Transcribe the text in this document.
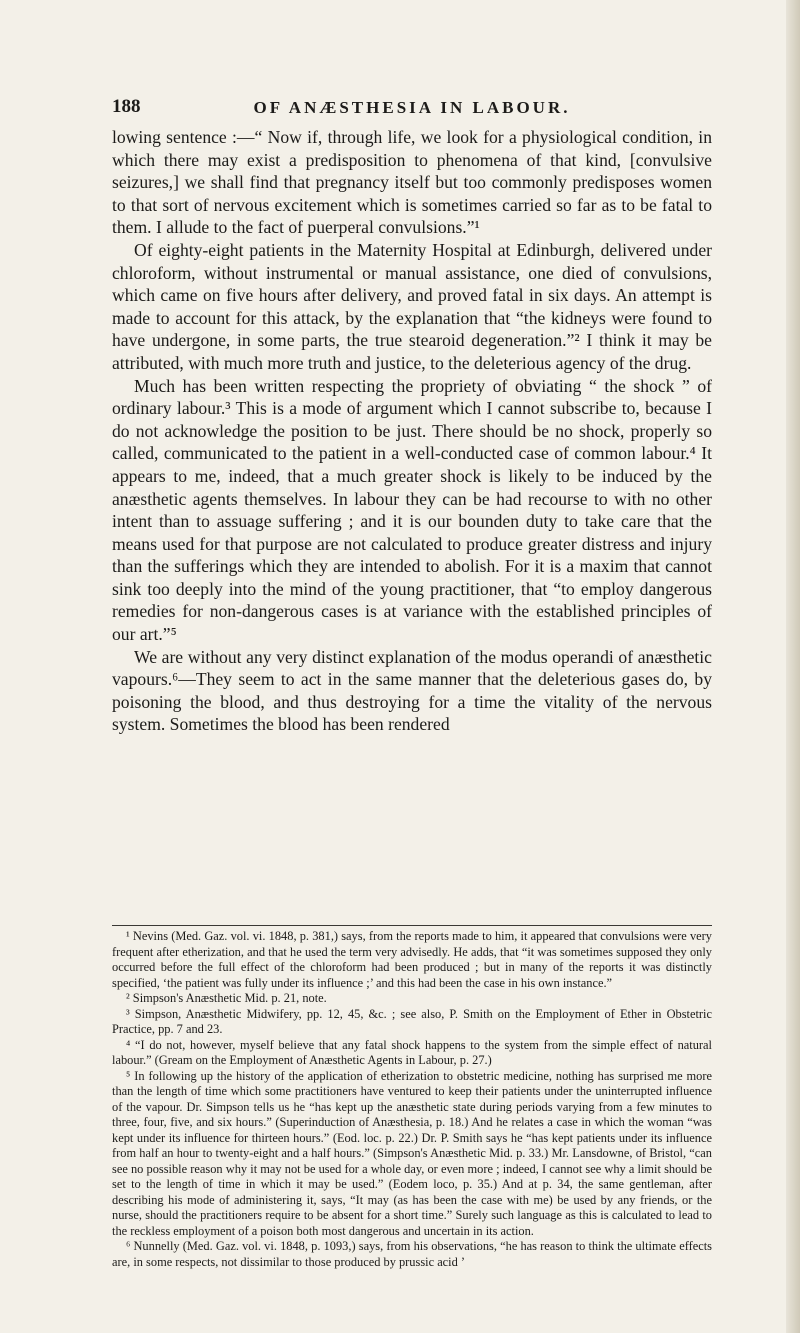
188	OF ANÆSTHESIA IN LABOUR.

lowing sentence :—“ Now if, through life, we look for a physiological condition, in which there may exist a predisposition to phenomena of that kind, [convulsive seizures,] we shall find that pregnancy itself but too commonly predisposes women to that sort of nervous excitement which is sometimes carried so far as to be fatal to them. I allude to the fact of puerperal convulsions.”¹

Of eighty-eight patients in the Maternity Hospital at Edinburgh, delivered under chloroform, without instrumental or manual assistance, one died of convulsions, which came on five hours after delivery, and proved fatal in six days. An attempt is made to account for this attack, by the explanation that “the kidneys were found to have undergone, in some parts, the true stearoid degeneration.”² I think it may be attributed, with much more truth and justice, to the deleterious agency of the drug.

Much has been written respecting the propriety of obviating “ the shock ” of ordinary labour.³ This is a mode of argument which I cannot subscribe to, because I do not acknowledge the position to be just. There should be no shock, properly so called, communicated to the patient in a well-conducted case of common labour.⁴ It appears to me, indeed, that a much greater shock is likely to be induced by the anæsthetic agents themselves. In labour they can be had recourse to with no other intent than to assuage suffering ; and it is our bounden duty to take care that the means used for that purpose are not calculated to produce greater distress and injury than the sufferings which they are intended to abolish. For it is a maxim that cannot sink too deeply into the mind of the young practitioner, that “to employ dangerous remedies for non-dangerous cases is at variance with the established principles of our art.”⁵

We are without any very distinct explanation of the modus operandi of anæsthetic vapours.⁶—They seem to act in the same manner that the deleterious gases do, by poisoning the blood, and thus destroying for a time the vitality of the nervous system. Sometimes the blood has been rendered

¹ Nevins (Med. Gaz. vol. vi. 1848, p. 381,) says, from the reports made to him, it appeared that convulsions were very frequent after etherization, and that he used the term very advisedly. He adds, that “it was sometimes supposed they only occurred before the full effect of the chloroform had been produced ; but in many of the reports it was distinctly specified, ‘the patient was fully under its influence ;’ and this had been the case in his own instance.”

² Simpson's Anæsthetic Mid. p. 21, note.

³ Simpson, Anæsthetic Midwifery, pp. 12, 45, &c. ; see also, P. Smith on the Employment of Ether in Obstetric Practice, pp. 7 and 23.

⁴ “I do not, however, myself believe that any fatal shock happens to the system from the simple effect of natural labour.” (Gream on the Employment of Anæsthetic Agents in Labour, p. 27.)

⁵ In following up the history of the application of etherization to obstetric medicine, nothing has surprised me more than the length of time which some practitioners have ventured to keep their patients under the uninterrupted influence of the vapour. Dr. Simpson tells us he “has kept up the anæsthetic state during periods varying from a few minutes to three, four, five, and six hours.” (Superinduction of Anæsthesia, p. 18.) And he relates a case in which the woman “was kept under its influence for thirteen hours.” (Eod. loc. p. 22.) Dr. P. Smith says he “has kept patients under its influence from half an hour to twenty-eight and a half hours.” (Simpson's Anæsthetic Mid. p. 33.) Mr. Lansdowne, of Bristol, “can see no possible reason why it may not be used for a whole day, or even more ; indeed, I cannot see why a limit should be set to the length of time in which it may be used.” (Eodem loco, p. 35.) And at p. 34, the same gentleman, after describing his mode of administering it, says, “It may (as has been the case with me) be used by any friends, or the nurse, should the practitioners require to be absent for a short time.” Surely such language as this is calculated to lead to the reckless employment of a poison both most dangerous and uncertain in its action.

⁶ Nunnelly (Med. Gaz. vol. vi. 1848, p. 1093,) says, from his observations, “he has reason to think the ultimate effects are, in some respects, not dissimilar to those produced by prussic acid ’
